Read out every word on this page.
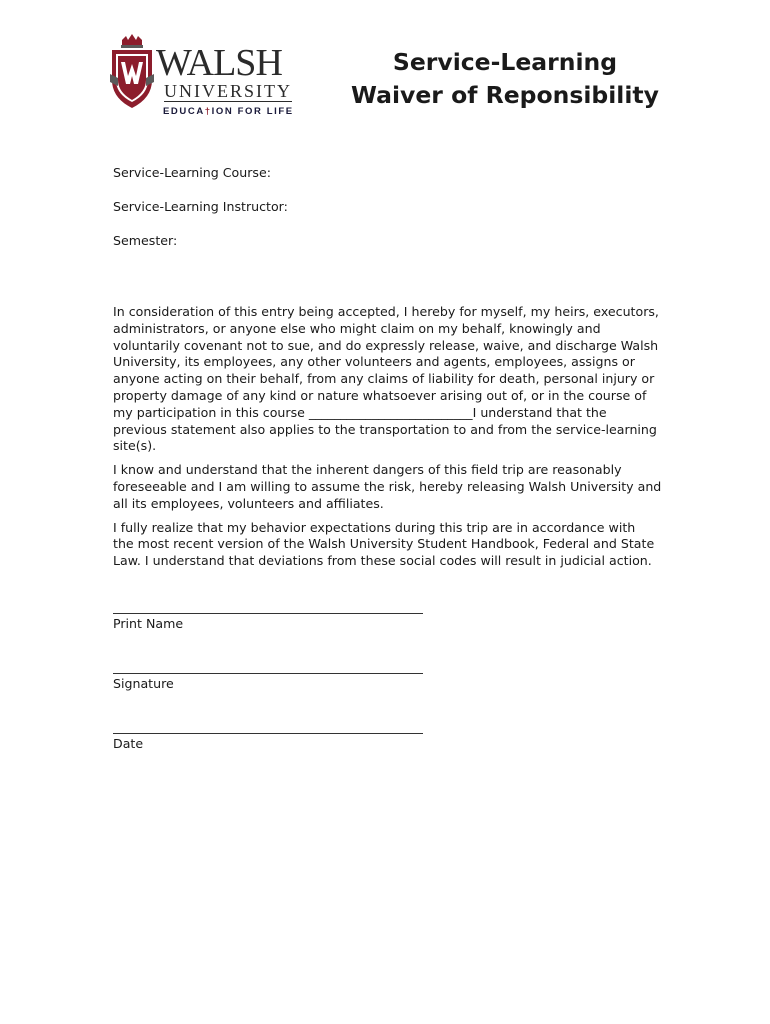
WALSH
UNIVERSITY
EDUCA†ION FOR LIFE
Service-Learning
Waiver of Reponsibility
Service-Learning Course:
Service-Learning Instructor:
Semester:

In consideration of this entry being accepted, I hereby for myself, my heirs, executors,
administrators, or anyone else who might claim on my behalf, knowingly and
voluntarily covenant not to sue, and do expressly release, waive, and discharge Walsh
University, its employees, any other volunteers and agents, employees, assigns or
anyone acting on their behalf, from any claims of liability for death, personal injury or
property damage of any kind or nature whatsoever arising out of, or in the course of
my participation in this course __________________________I understand that the
previous statement also applies to the transportation to and from the service-learning
site(s).

I know and understand that the inherent dangers of this field trip are reasonably
foreseeable and I am willing to assume the risk, hereby releasing Walsh University and
all its employees, volunteers and affiliates.

I fully realize that my behavior expectations during this trip are in accordance with
the most recent version of the Walsh University Student Handbook, Federal and State
Law. I understand that deviations from these social codes will result in judicial action.

Print Name
Signature
Date
